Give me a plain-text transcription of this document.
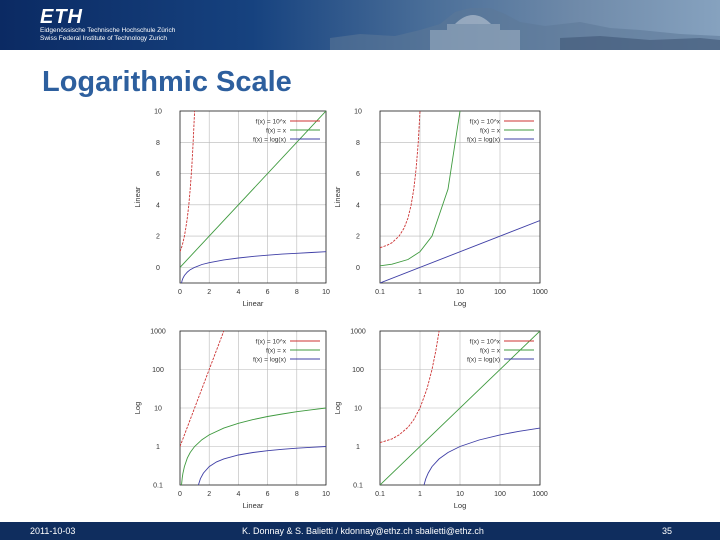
ETH
Eidgenössische Technische Hochschule Zürich
Swiss Federal Institute of Technology Zurich
Logarithmic Scale
0	2	4	6	8	10
0
2
4
6
8
10
Linear
Linear
f(x) = 10^x
f(x) = x
f(x) = log(x)
0.1	1	10	100	1000
0
2
4
6
8
10
Log
Linear
f(x) = 10^x
f(x) = x
f(x) = log(x)
0	2	4	6	8	10
0.1
1
10
100
1000
Linear
Log
f(x) = 10^x
f(x) = x
f(x) = log(x)
0.1	1	10	100	1000
0.1
1
10
100
1000
Log
Log
f(x) = 10^x
f(x) = x
f(x) = log(x)
2011-10-03	K. Donnay & S. Balietti / kdonnay@ethz.ch sbalietti@ethz.ch	35
